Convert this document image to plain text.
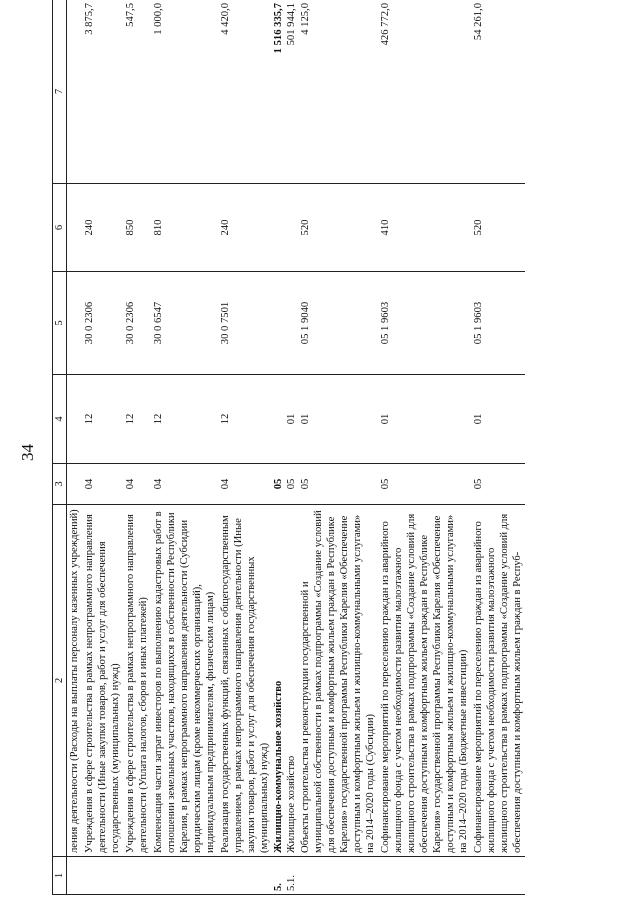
34
1	2	3	4	5	6	7
	ления деятельности (Расходы на выплаты персоналу казенных учреждений)					
	Учреждения в сфере строительства в рамках непрограммного направления деятельности (Иные закупки товаров, работ и услуг для обеспечения государственных (муниципальных) нужд)	04	12	30 0 2306	240	3 875,7
	Учреждения в сфере строительства в рамках непрограммного направления деятельности (Уплата налогов, сборов и иных платежей)	04	12	30 0 2306	850	547,5
	Компенсация части затрат инвесторов по выполнению кадастровых работ в отношении земельных участков, находящихся в собственности Республики Карелия, в рамках непрограммного направления деятельности (Субсидии юридическим лицам (кроме некоммерческих организаций), индивидуальным предпринимателям, физическим лицам)	04	12	30 0 6547	810	1 000,0
	Реализация государственных функций, связанных с общегосударственным управлением, в рамках непрограммного направления деятельности (Иные закупки товаров, работ и услуг для обеспечения государственных (муниципальных) нужд)	04	12	30 0 7501	240	4 420,0
5.	Жилищно-коммунальное хозяйство	05				1 516 335,7
5.1.	Жилищное хозяйство	05	01			501 944,1
	Объекты строительства и реконструкции государственной и муниципальной собственности в рамках подпрограммы «Создание условий для обеспечения доступным и комфортным жильем граждан в Республике Карелия» государственной программы Республики Карелия «Обеспечение доступным и комфортным жильем и жилищно-коммунальными услугами» на 2014–2020 годы (Субсидии)	05	01	05 1 9040	520	4 125,0
	Софинансирование мероприятий по переселению граждан из аварийного жилищного фонда с учетом необходимости развития малоэтажного жилищного строительства в рамках подпрограммы «Создание условий для обеспечения доступным и комфортным жильем граждан в Республике Карелия» государственной программы Республики Карелия «Обеспечение доступным и комфортным жильем и жилищно-коммунальными услугами» на 2014–2020 годы (Бюджетные инвестиции)	05	01	05 1 9603	410	426 772,0
	Софинансирование мероприятий по переселению граждан из аварийного жилищного фонда с учетом необходимости развития малоэтажного жилищного строительства в рамках подпрограммы «Создание условий для обеспечения доступным и комфортным жильем граждан в Респуб-	05	01	05 1 9603	520	54 261,0
